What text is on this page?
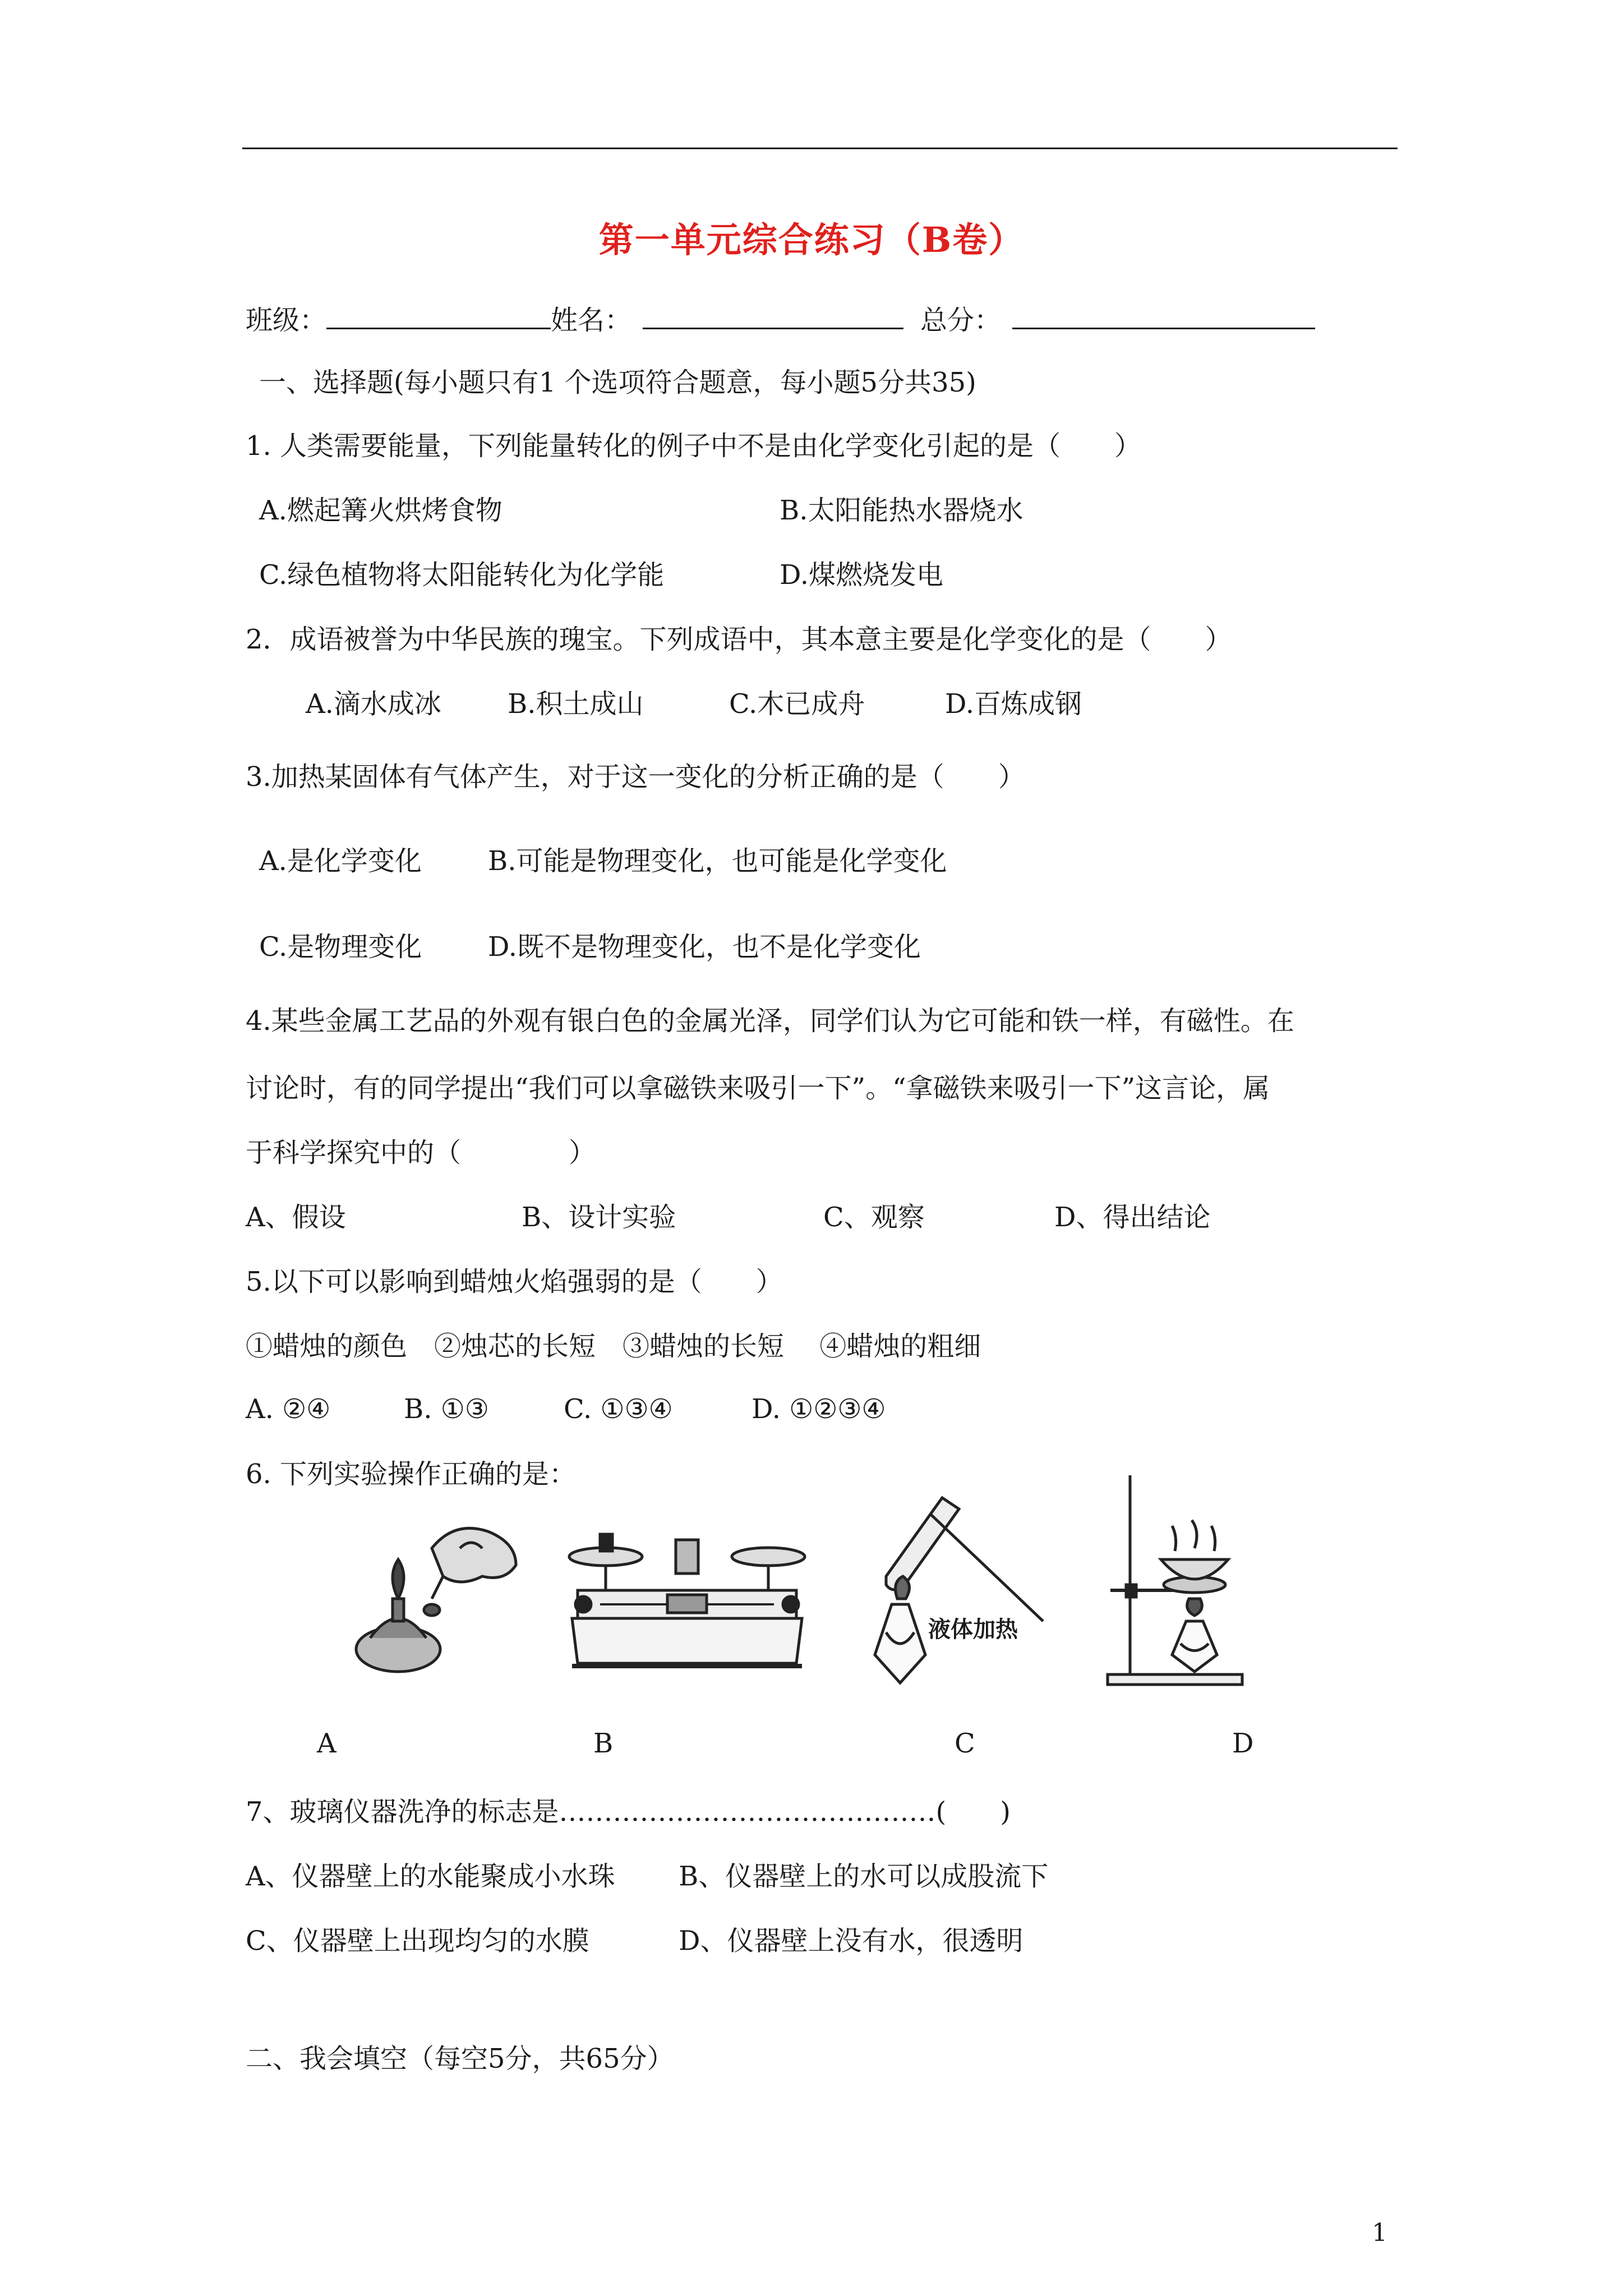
第一单元综合练习（B卷）
班级：	姓名：	总分：
一、选择题(每小题只有1 个选项符合题意，每小题5分共35)
1. 人类需要能量，下列能量转化的例子中不是由化学变化引起的是（　　）
A.燃起篝火烘烤食物	B.太阳能热水器烧水
C.绿色植物将太阳能转化为化学能	D.煤燃烧发电
2．成语被誉为中华民族的瑰宝。下列成语中，其本意主要是化学变化的是（　　）
A.滴水成冰 B.积土成山	C.木已成舟	D.百炼成钢
3.加热某固体有气体产生，对于这一变化的分析正确的是（　　）
A.是化学变化 B.可能是物理变化，也可能是化学变化
C.是物理变化 D.既不是物理变化，也不是化学变化
4.某些金属工艺品的外观有银白色的金属光泽，同学们认为它可能和铁一样，有磁性。在
讨论时，有的同学提出“我们可以拿磁铁来吸引一下”。“拿磁铁来吸引一下”这言论，属
于科学探究中的（　　　　）
A、假设	B、设计实验	C、观察	D、得出结论
5.以下可以影响到蜡烛火焰强弱的是（　　）
①蜡烛的颜色　②烛芯的长短　③蜡烛的长短　 ④蜡烛的粗细
A. ②④	B. ①③	C. ①③④	D. ①②③④
6. 下列实验操作正确的是：
液体加热
A	B	C	D
7、玻璃仪器洗净的标志是……………………………………(　　)
A、仪器壁上的水能聚成小水珠 B、仪器壁上的水可以成股流下
C、仪器壁上出现均匀的水膜	D、仪器壁上没有水，很透明
二、我会填空（每空5分，共65分）
1
